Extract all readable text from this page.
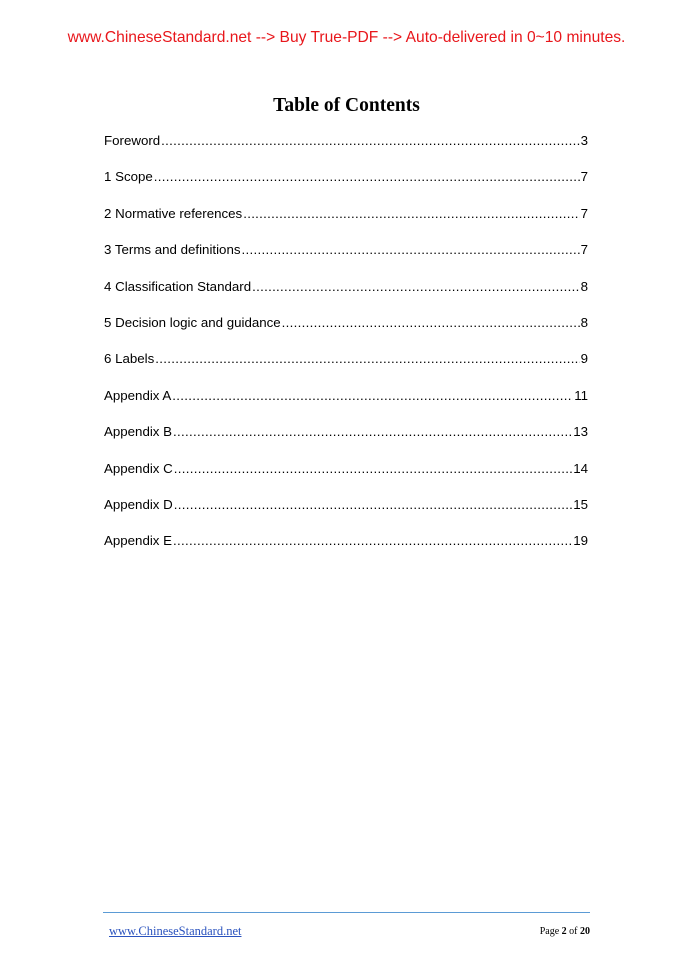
www.ChineseStandard.net --> Buy True-PDF --> Auto-delivered in 0~10 minutes.
Table of Contents
Foreword .....	3
1 Scope .....	7
2 Normative references .....	7
3 Terms and definitions .....	7
4 Classification Standard .....	8
5 Decision logic and guidance .....	8
6 Labels .....	9
Appendix A .....	11
Appendix B .....	13
Appendix C .....	14
Appendix D .....	15
Appendix E .....	19
www.ChineseStandard.net	Page 2 of 20
